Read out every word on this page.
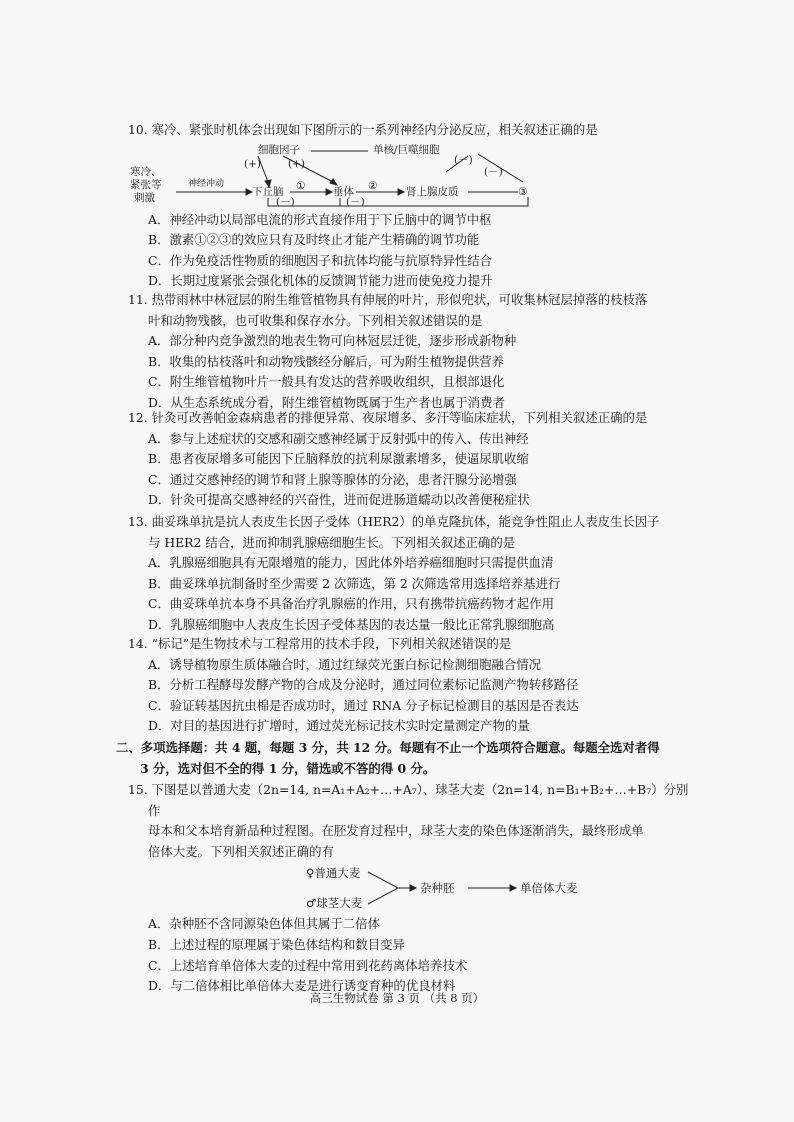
10. 寒冷、紧张时机体会出现如下图所示的一系列神经内分泌反应，相关叙述正确的是

寒冷、
紧张等
刺激
神经冲动
下丘脑	垂体	肾上腺皮质
细胞因子	单核/巨噬细胞
(+)	(+)	(－)
(－)
(－)	(－)
①	②	③

A．神经冲动以局部电流的形式直接作用于下丘脑中的调节中枢

B．激素①②③的效应只有及时终止才能产生精确的调节功能

C．作为免疫活性物质的细胞因子和抗体均能与抗原特异性结合

D．长期过度紧张会强化机体的反馈调节能力进而使免疫力提升

11. 热带雨林中林冠层的附生维管植物具有伸展的叶片，形似兜状，可收集林冠层掉落的枝枝落

叶和动物残骸，也可收集和保存水分。下列相关叙述错误的是

A．部分种内竞争激烈的地表生物可向林冠层迁徙，逐步形成新物种

B．收集的枯枝落叶和动物残骸经分解后，可为附生植物提供营养

C．附生维管植物叶片一般具有发达的营养吸收组织，且根部退化

D．从生态系统成分看，附生维管植物既属于生产者也属于消费者

12. 针灸可改善帕金森病患者的排便异常、夜尿增多、多汗等临床症状，下列相关叙述正确的是

A．参与上述症状的交感和副交感神经属于反射弧中的传入、传出神经

B．患者夜尿增多可能因下丘脑释放的抗利尿激素增多，使逼尿肌收缩

C．通过交感神经的调节和肾上腺等腺体的分泌，患者汗腺分泌增强

D．针灸可提高交感神经的兴奋性，进而促进肠道蠕动以改善便秘症状

13. 曲妥珠单抗是抗人表皮生长因子受体（HER2）的单克隆抗体，能竞争性阻止人表皮生长因子

与 HER2 结合，进而抑制乳腺癌细胞生长。下列相关叙述正确的是

A．乳腺癌细胞具有无限增殖的能力，因此体外培养癌细胞时只需提供血清

B．曲妥珠单抗制备时至少需要 2 次筛选，第 2 次筛选常用选择培养基进行

C．曲妥珠单抗本身不具备治疗乳腺癌的作用，只有携带抗癌药物才起作用

D．乳腺癌细胞中人表皮生长因子受体基因的表达量一般比正常乳腺细胞高

14. “标记”是生物技术与工程常用的技术手段，下列相关叙述错误的是

A．诱导植物原生质体融合时，通过红绿荧光蛋白标记检测细胞融合情况

B．分析工程酵母发酵产物的合成及分泌时，通过同位素标记监测产物转移路径

C．验证转基因抗虫棉是否成功时，通过 RNA 分子标记检测目的基因是否表达

D．对目的基因进行扩增时，通过荧光标记技术实时定量测定产物的量

二、多项选择题：共 4 题，每题 3 分，共 12 分。每题有不止一个选项符合题意。每题全选对者得

3 分，选对但不全的得 1 分，错选或不答的得 0 分。

15. 下图是以普通大麦（2n=14, n=A₁+A₂+…+A₇）、球茎大麦（2n=14, n=B₁+B₂+…+B₇）分别作

母本和父本培育新品种过程图。在胚发育过程中，球茎大麦的染色体逐渐消失，最终形成单

倍体大麦。下列相关叙述正确的有

♀普通大麦
♂球茎大麦
杂种胚	单倍体大麦

A．杂种胚不含同源染色体但其属于二倍体

B．上述过程的原理属于染色体结构和数目变异

C．上述培育单倍体大麦的过程中常用到花药离体培养技术

D．与二倍体相比单倍体大麦是进行诱变育种的优良材料

高三生物试卷 第 3 页 （共 8 页）
